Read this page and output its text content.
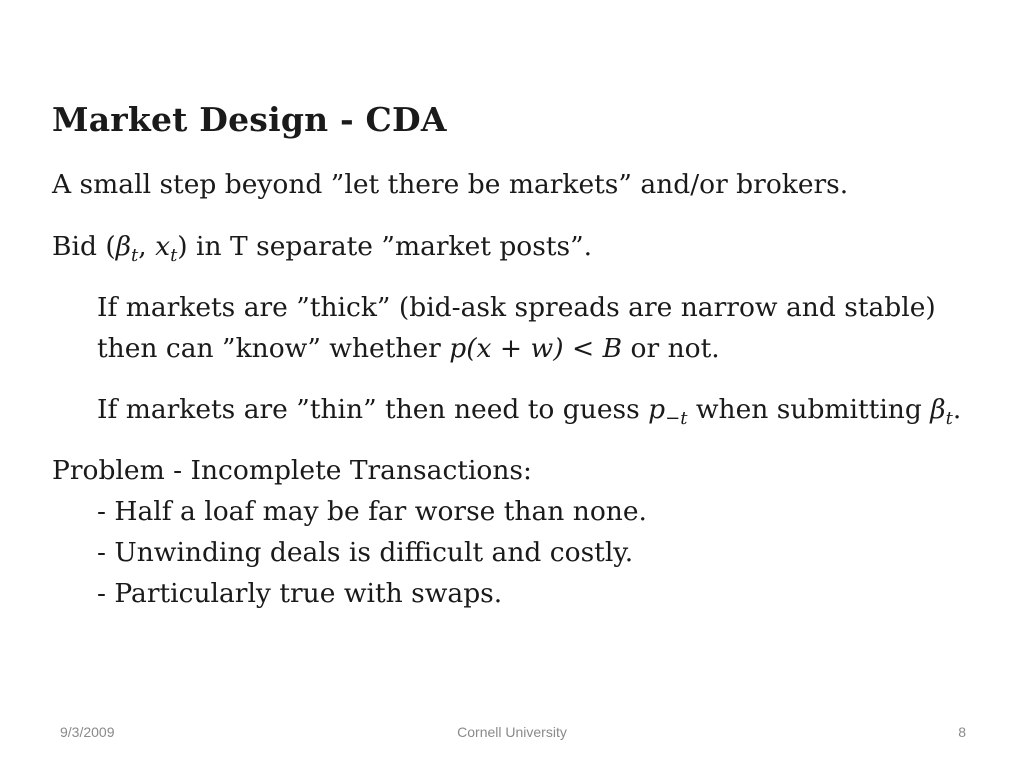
Market Design - CDA
A small step beyond ”let there be markets” and/or brokers.
Bid ($\beta_t$, $x_t$) in T separate ”market posts”.
If markets are ”thick” (bid-ask spreads are narrow and stable)
then can ”know” whether p(x + w) < B or not.
If markets are ”thin” then need to guess $p_{-t}$ when submitting $\beta_t$.
Problem - Incomplete Transactions:
- Half a loaf may be far worse than none.
- Unwinding deals is difficult and costly.
- Particularly true with swaps.
9/3/2009	Cornell University	8
